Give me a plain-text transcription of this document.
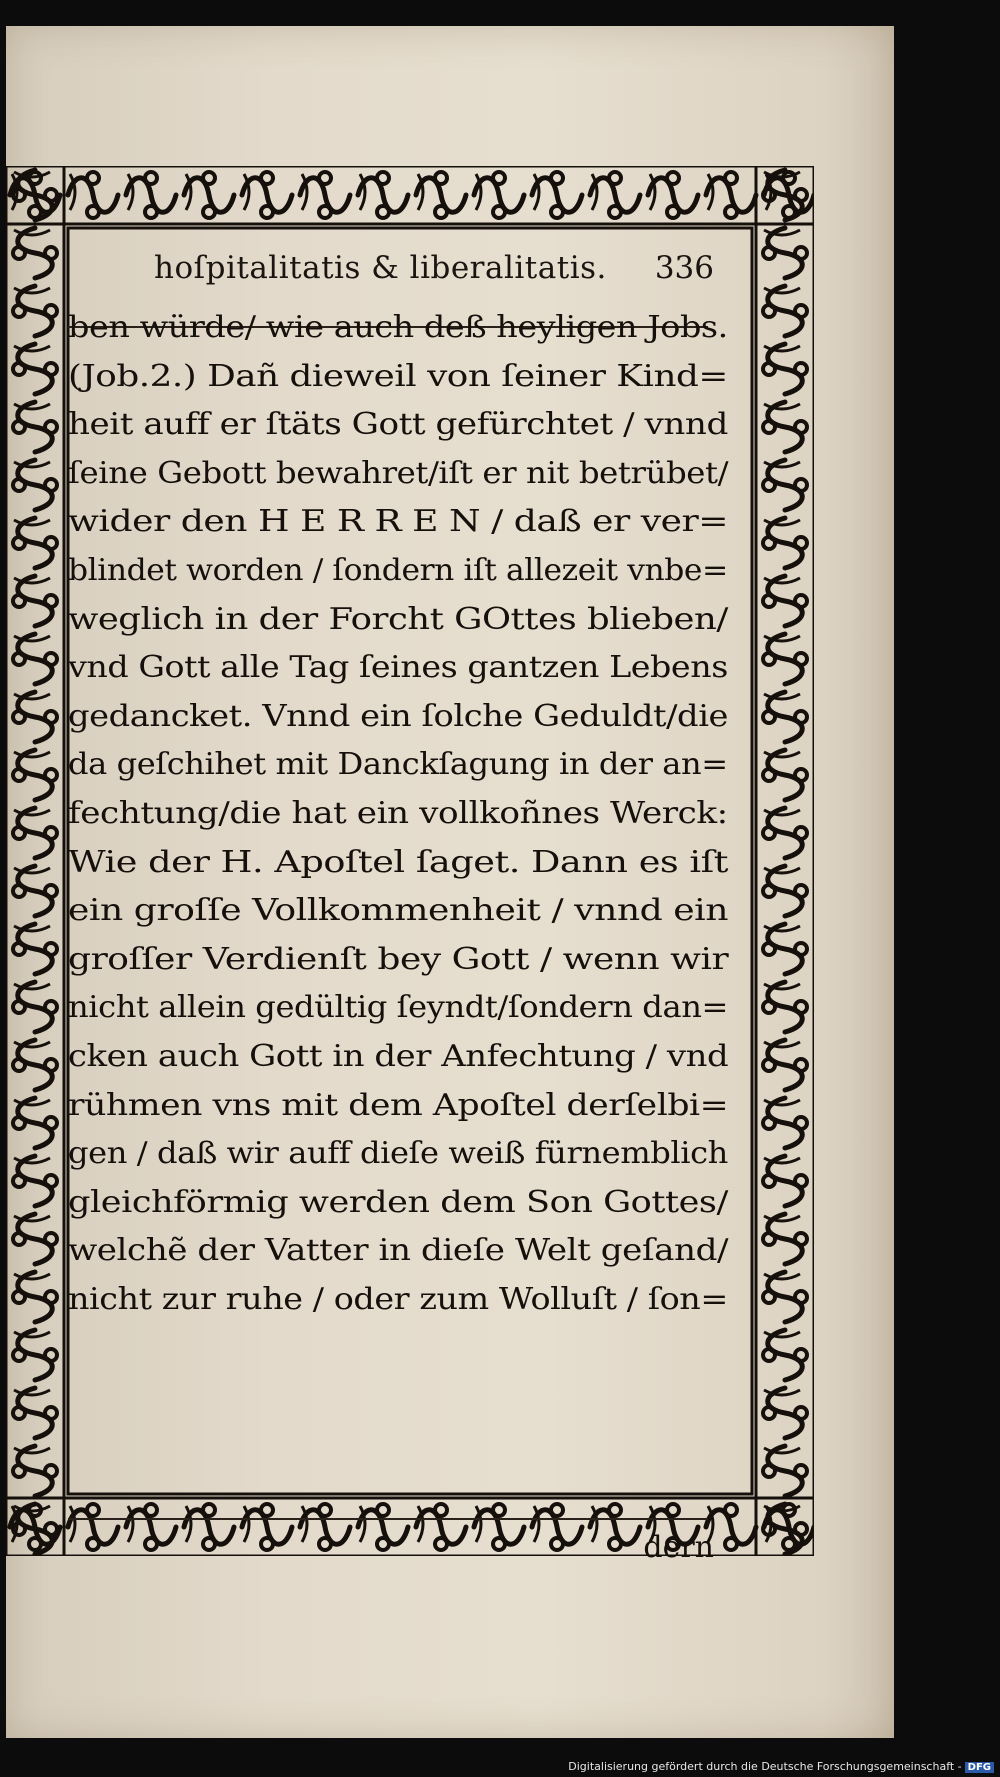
hoſpitalitatis & liberalitatis. 336
ben würde/ wie auch deß heyligen Jobs.
(Job.2.) Dañ dieweil von ſeiner Kind=
heit auff er ſtäts Gott gefürchtet / vnnd
ſeine Gebott bewahret/iſt er nit betrübet/
wider den H E R R E N / daß er ver=
blindet worden / ſondern iſt allezeit vnbe=
weglich in der Forcht GOttes blieben/
vnd Gott alle Tag ſeines gantzen Lebens
gedancket. Vnnd ein ſolche Geduldt/die
da geſchihet mit Danckſagung in der an=
fechtung/die hat ein vollkoñnes Werck:
Wie der H. Apoſtel ſaget. Dann es iſt
ein groſſe Vollkommenheit / vnnd ein
groſſer Verdienſt bey Gott / wenn wir
nicht allein gedültig ſeyndt/ſondern dan=
cken auch Gott in der Anfechtung / vnd
rühmen vns mit dem Apoſtel derſelbi=
gen / daß wir auff dieſe weiß fürnemblich
gleichförmig werden dem Son Gottes/
welchẽ der Vatter in dieſe Welt geſand/
nicht zur ruhe / oder zum Wolluſt / ſon=
dern
Digitalisierung gefördert durch die Deutsche Forschungsgemeinschaft - DFG
